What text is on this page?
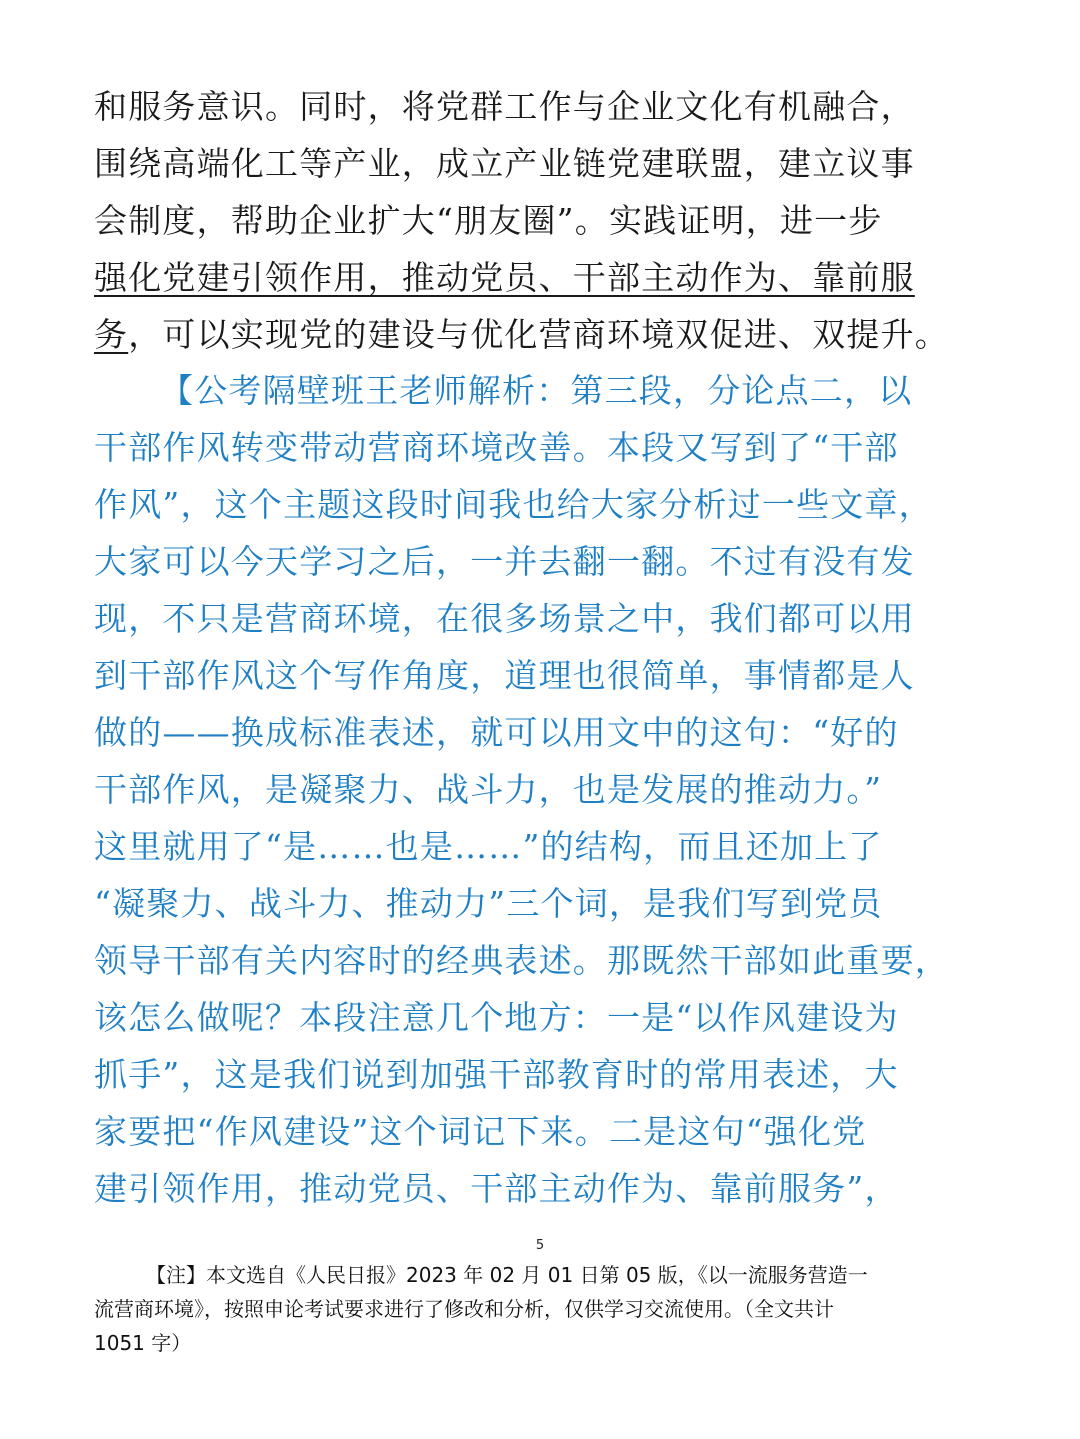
和服务意识。同时，将党群工作与企业文化有机融合，
围绕高端化工等产业，成立产业链党建联盟，建立议事
会制度，帮助企业扩大“朋友圈”。实践证明，进一步
强化党建引领作用，推动党员、干部主动作为、靠前服
务，可以实现党的建设与优化营商环境双促进、双提升。
【公考隔壁班王老师解析：第三段，分论点二，以
干部作风转变带动营商环境改善。本段又写到了“干部
作风”，这个主题这段时间我也给大家分析过一些文章，
大家可以今天学习之后，一并去翻一翻。不过有没有发
现，不只是营商环境，在很多场景之中，我们都可以用
到干部作风这个写作角度，道理也很简单，事情都是人
做的——换成标准表述，就可以用文中的这句：“好的
干部作风，是凝聚力、战斗力，也是发展的推动力。”
这里就用了“是……也是……”的结构，而且还加上了
“凝聚力、战斗力、推动力”三个词，是我们写到党员
领导干部有关内容时的经典表述。那既然干部如此重要，
该怎么做呢？本段注意几个地方：一是“以作风建设为
抓手”，这是我们说到加强干部教育时的常用表述，大
家要把“作风建设”这个词记下来。二是这句“强化党
建引领作用，推动党员、干部主动作为、靠前服务”，
5
【注】本文选自《人民日报》2023 年 02 月 01 日第 05 版，《以一流服务营造一
流营商环境》，按照申论考试要求进行了修改和分析，仅供学习交流使用。（全文共计
1051 字）
